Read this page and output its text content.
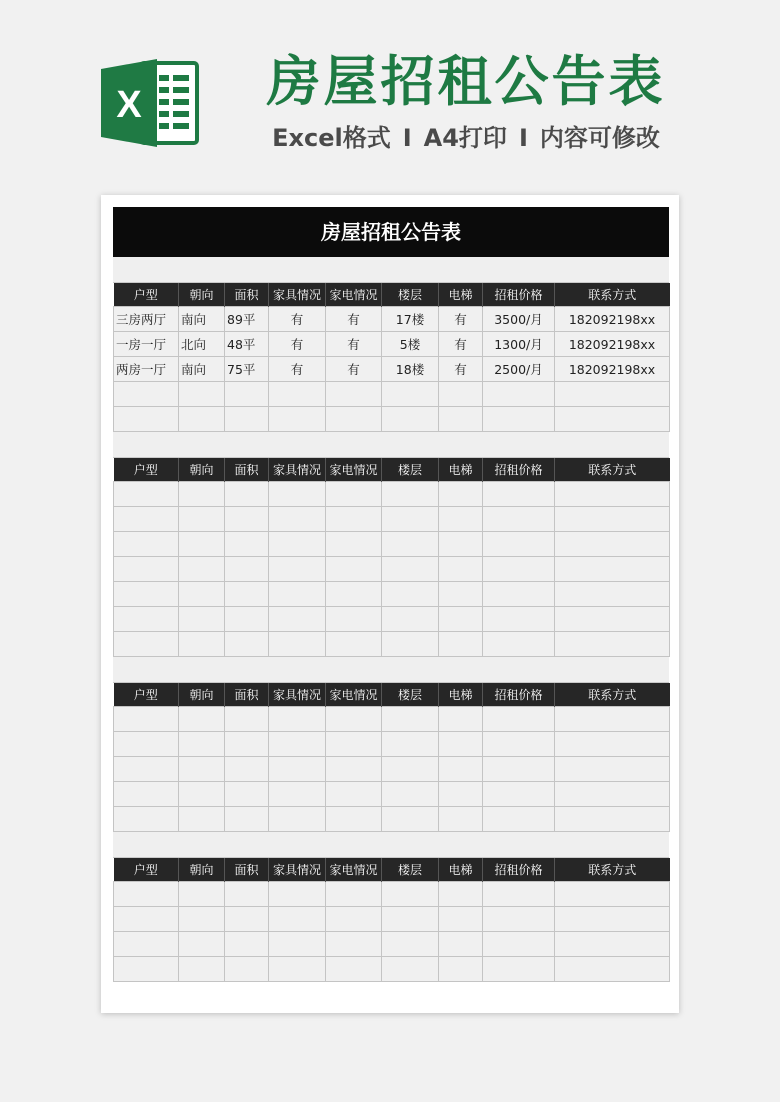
X 房屋招租公告表
Excel格式 I A4打印 I 内容可修改
房屋招租公告表
户型	朝向	面积	家具情况	家电情况	楼层	电梯	招租价格	联系方式
三房两厅	南向	89平	有	有	17楼	有	3500/月	182092198xx
一房一厅	北向	48平	有	有	5楼	有	1300/月	182092198xx
两房一厅	南向	75平	有	有	18楼	有	2500/月	182092198xx

户型	朝向	面积	家具情况	家电情况	楼层	电梯	招租价格	联系方式

户型	朝向	面积	家具情况	家电情况	楼层	电梯	招租价格	联系方式

户型	朝向	面积	家具情况	家电情况	楼层	电梯	招租价格	联系方式
